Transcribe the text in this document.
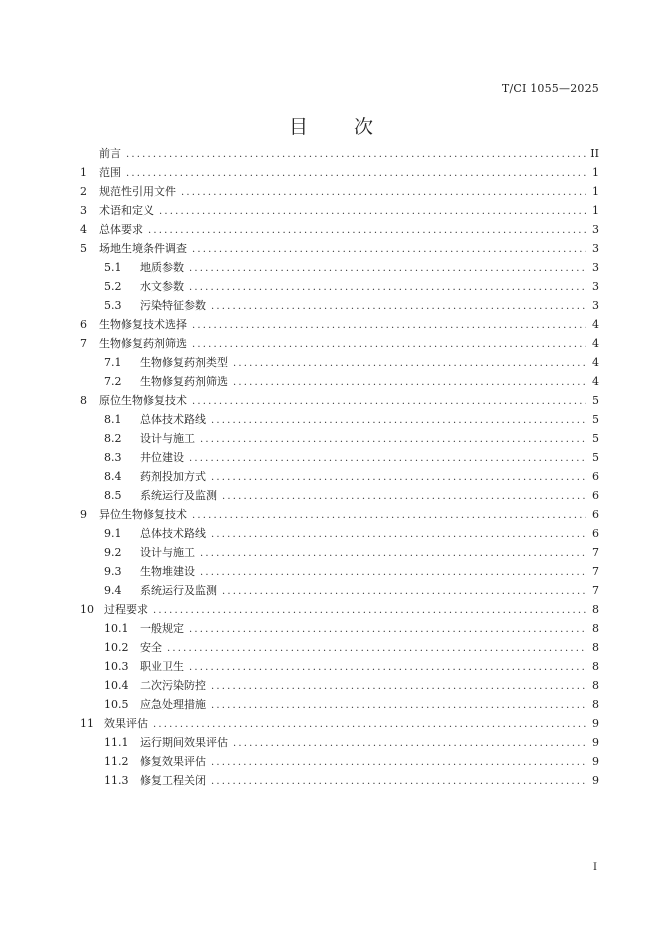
T/CI 1055—2025
目次
前言 .....	II
1	范围 .....	1
2	规范性引用文件 .....	1
3	术语和定义 .....	1
4	总体要求 .....	3
5	场地生境条件调查 .....	3
5.1	地质参数 .....	3
5.2	水文参数 .....	3
5.3	污染特征参数 .....	3
6	生物修复技术选择 .....	4
7	生物修复药剂筛选 .....	4
7.1	生物修复药剂类型 .....	4
7.2	生物修复药剂筛选 .....	4
8	原位生物修复技术 .....	5
8.1	总体技术路线 .....	5
8.2	设计与施工 .....	5
8.3	井位建设 .....	5
8.4	药剂投加方式 .....	6
8.5	系统运行及监测 .....	6
9	异位生物修复技术 .....	6
9.1	总体技术路线 .....	6
9.2	设计与施工 .....	7
9.3	生物堆建设 .....	7
9.4	系统运行及监测 .....	7
10 过程要求 .....	8
10.1	一般规定 .....	8
10.2	安全 .....	8
10.3	职业卫生 .....	8
10.4	二次污染防控 .....	8
10.5	应急处理措施 .....	8
11 效果评估 .....	9
11.1	运行期间效果评估 .....	9
11.2	修复效果评估 .....	9
11.3	修复工程关闭 .....	9
I
